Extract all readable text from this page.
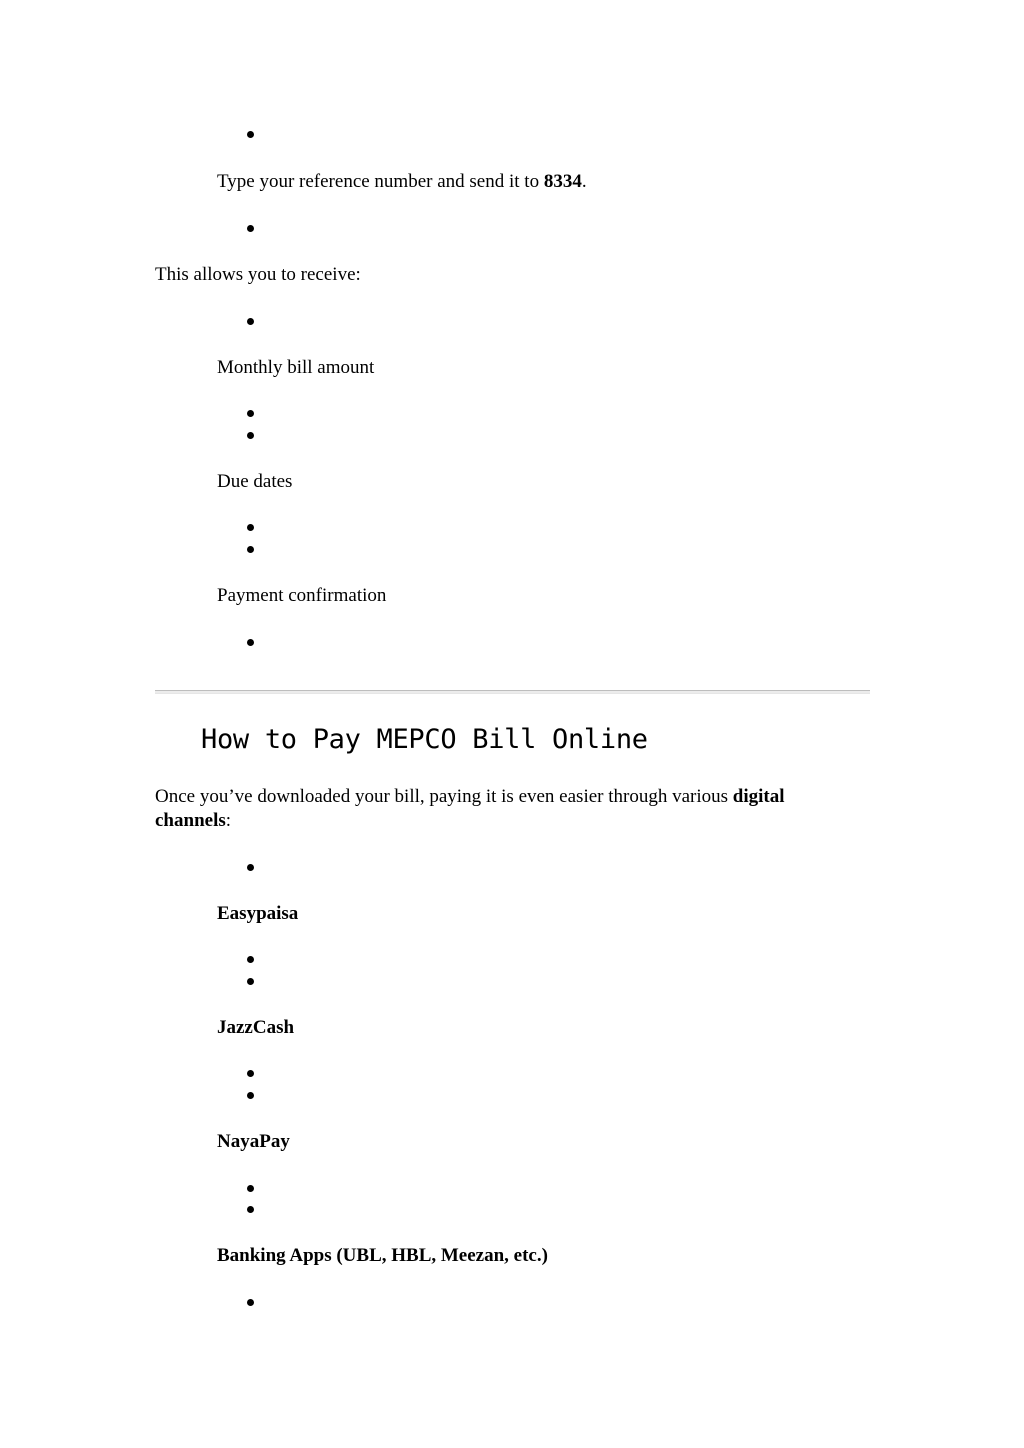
Type your reference number and send it to 8334.
This allows you to receive:
Monthly bill amount
Due dates
Payment confirmation
How to Pay MEPCO Bill Online
Once you’ve downloaded your bill, paying it is even easier through various digital channels:
Easypaisa
JazzCash
NayaPay
Banking Apps (UBL, HBL, Meezan, etc.)
